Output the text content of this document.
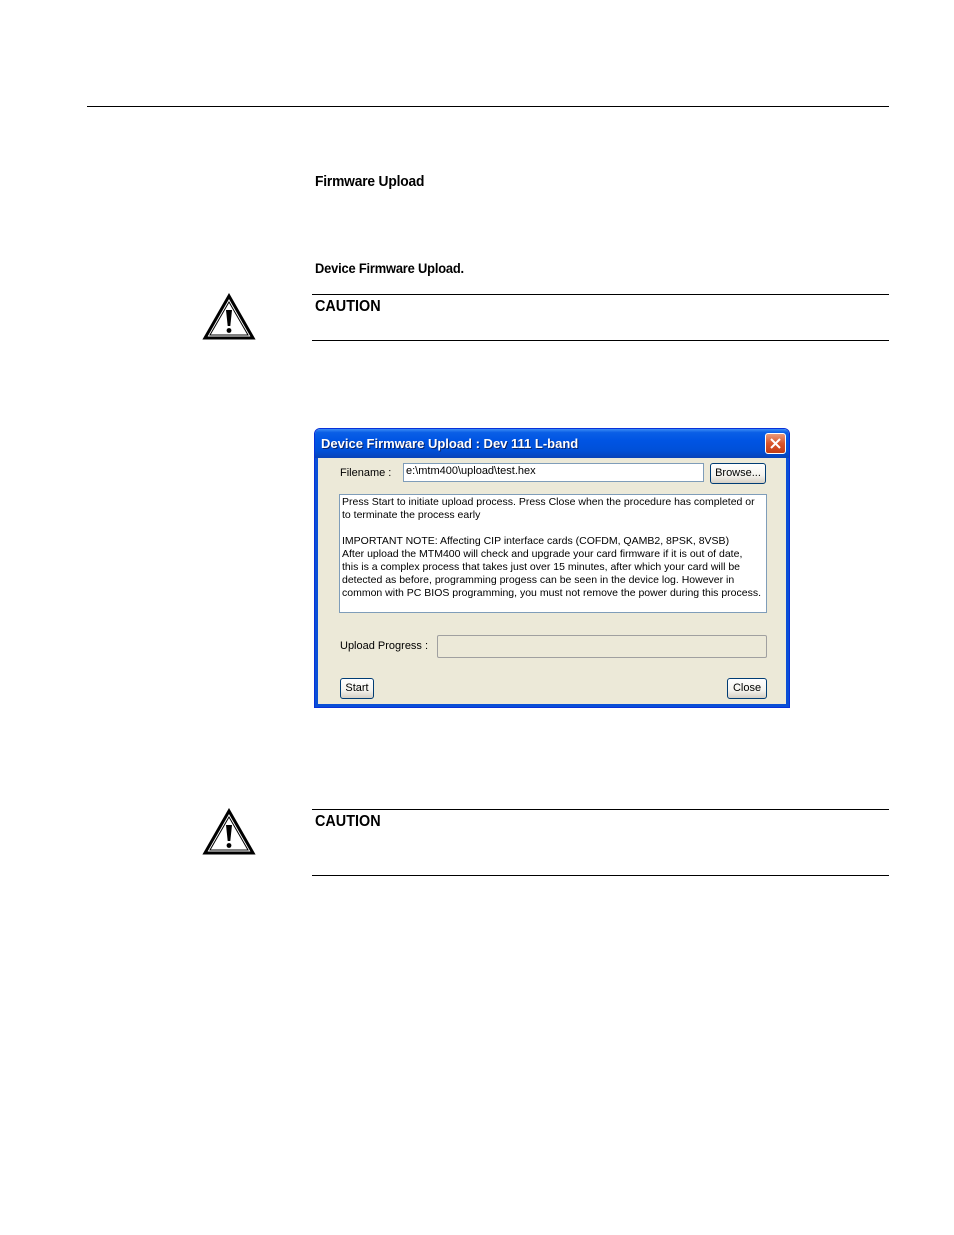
Firmware Upload
Device Firmware Upload.
CAUTION
Device Firmware Upload : Dev 111 L-band
Filename : e:\mtm400\upload\test.hex	Browse...
Press Start to initiate upload process. Press Close when the procedure has completed or
to terminate the process early
IMPORTANT NOTE: Affecting CIP interface cards (COFDM, QAMB2, 8PSK, 8VSB)
After upload the MTM400 will check and upgrade your card firmware if it is out of date,
this is a complex process that takes just over 15 minutes, after which your card will be
detected as before, programming progess can be seen in the device log. However in
common with PC BIOS programming, you must not remove the power during this process.
Upload Progress :
Start	Close
CAUTION
